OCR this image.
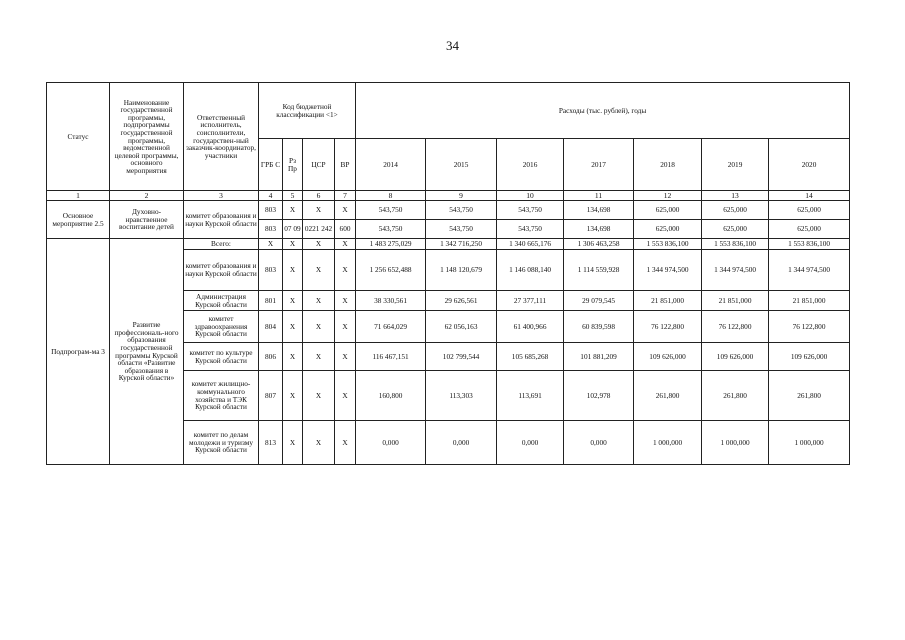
34
Статус	Наименование государственной программы, подпрограммы государственной программы, ведомственной целевой программы, основного мероприятия	Ответственный исполнитель, соисполнители, государствен-ный заказчик-координатор, участники	Код бюджетной классификации <1>				Расходы (тыс. рублей), годы						
			ГРБ С	Рз Пр	ЦСР	ВР	2014	2015	2016	2017	2018	2019	2020
1	2	3	4	5	6	7	8	9	10	11	12	13	14
Основное мероприятие 2.5	Духовно-нравственное воспитание детей	комитет образования и науки Курской области	803	Х	Х	Х	543,750	543,750	543,750	134,698	625,000	625,000	625,000
			803	07 09	0221 242	600	543,750	543,750	543,750	134,698	625,000	625,000	625,000
Подпрограм-ма 3	Развитие профессиональ-ного образования государственной программы Курской области «Развитие образования в Курской области»	Всего:	Х	Х	Х	Х	1 483 275,029	1 342 716,250	1 340 665,176	1 306 463,258	1 553 836,100	1 553 836,100	1 553 836,100
		комитет образования и науки Курской области	803	Х	Х	Х	1 256 652,488	1 148 120,679	1 146 088,140	1 114 559,928	1 344 974,500	1 344 974,500	1 344 974,500
		Администрация Курской области	801	Х	Х	Х	38 330,561	29 626,561	27 377,111	29 079,545	21 851,000	21 851,000	21 851,000
		комитет здравоохранения Курской области	804	Х	Х	Х	71 664,029	62 056,163	61 400,966	60 839,598	76 122,800	76 122,800	76 122,800
		комитет по культуре Курской области	806	Х	Х	Х	116 467,151	102 799,544	105 685,268	101 881,209	109 626,000	109 626,000	109 626,000
		комитет жилищно-коммунального хозяйства и ТЭК Курской области	807	Х	Х	Х	160,800	113,303	113,691	102,978	261,800	261,800	261,800
		комитет по делам молодежи и туризму Курской области	813	Х	Х	Х	0,000	0,000	0,000	0,000	1 000,000	1 000,000	1 000,000
